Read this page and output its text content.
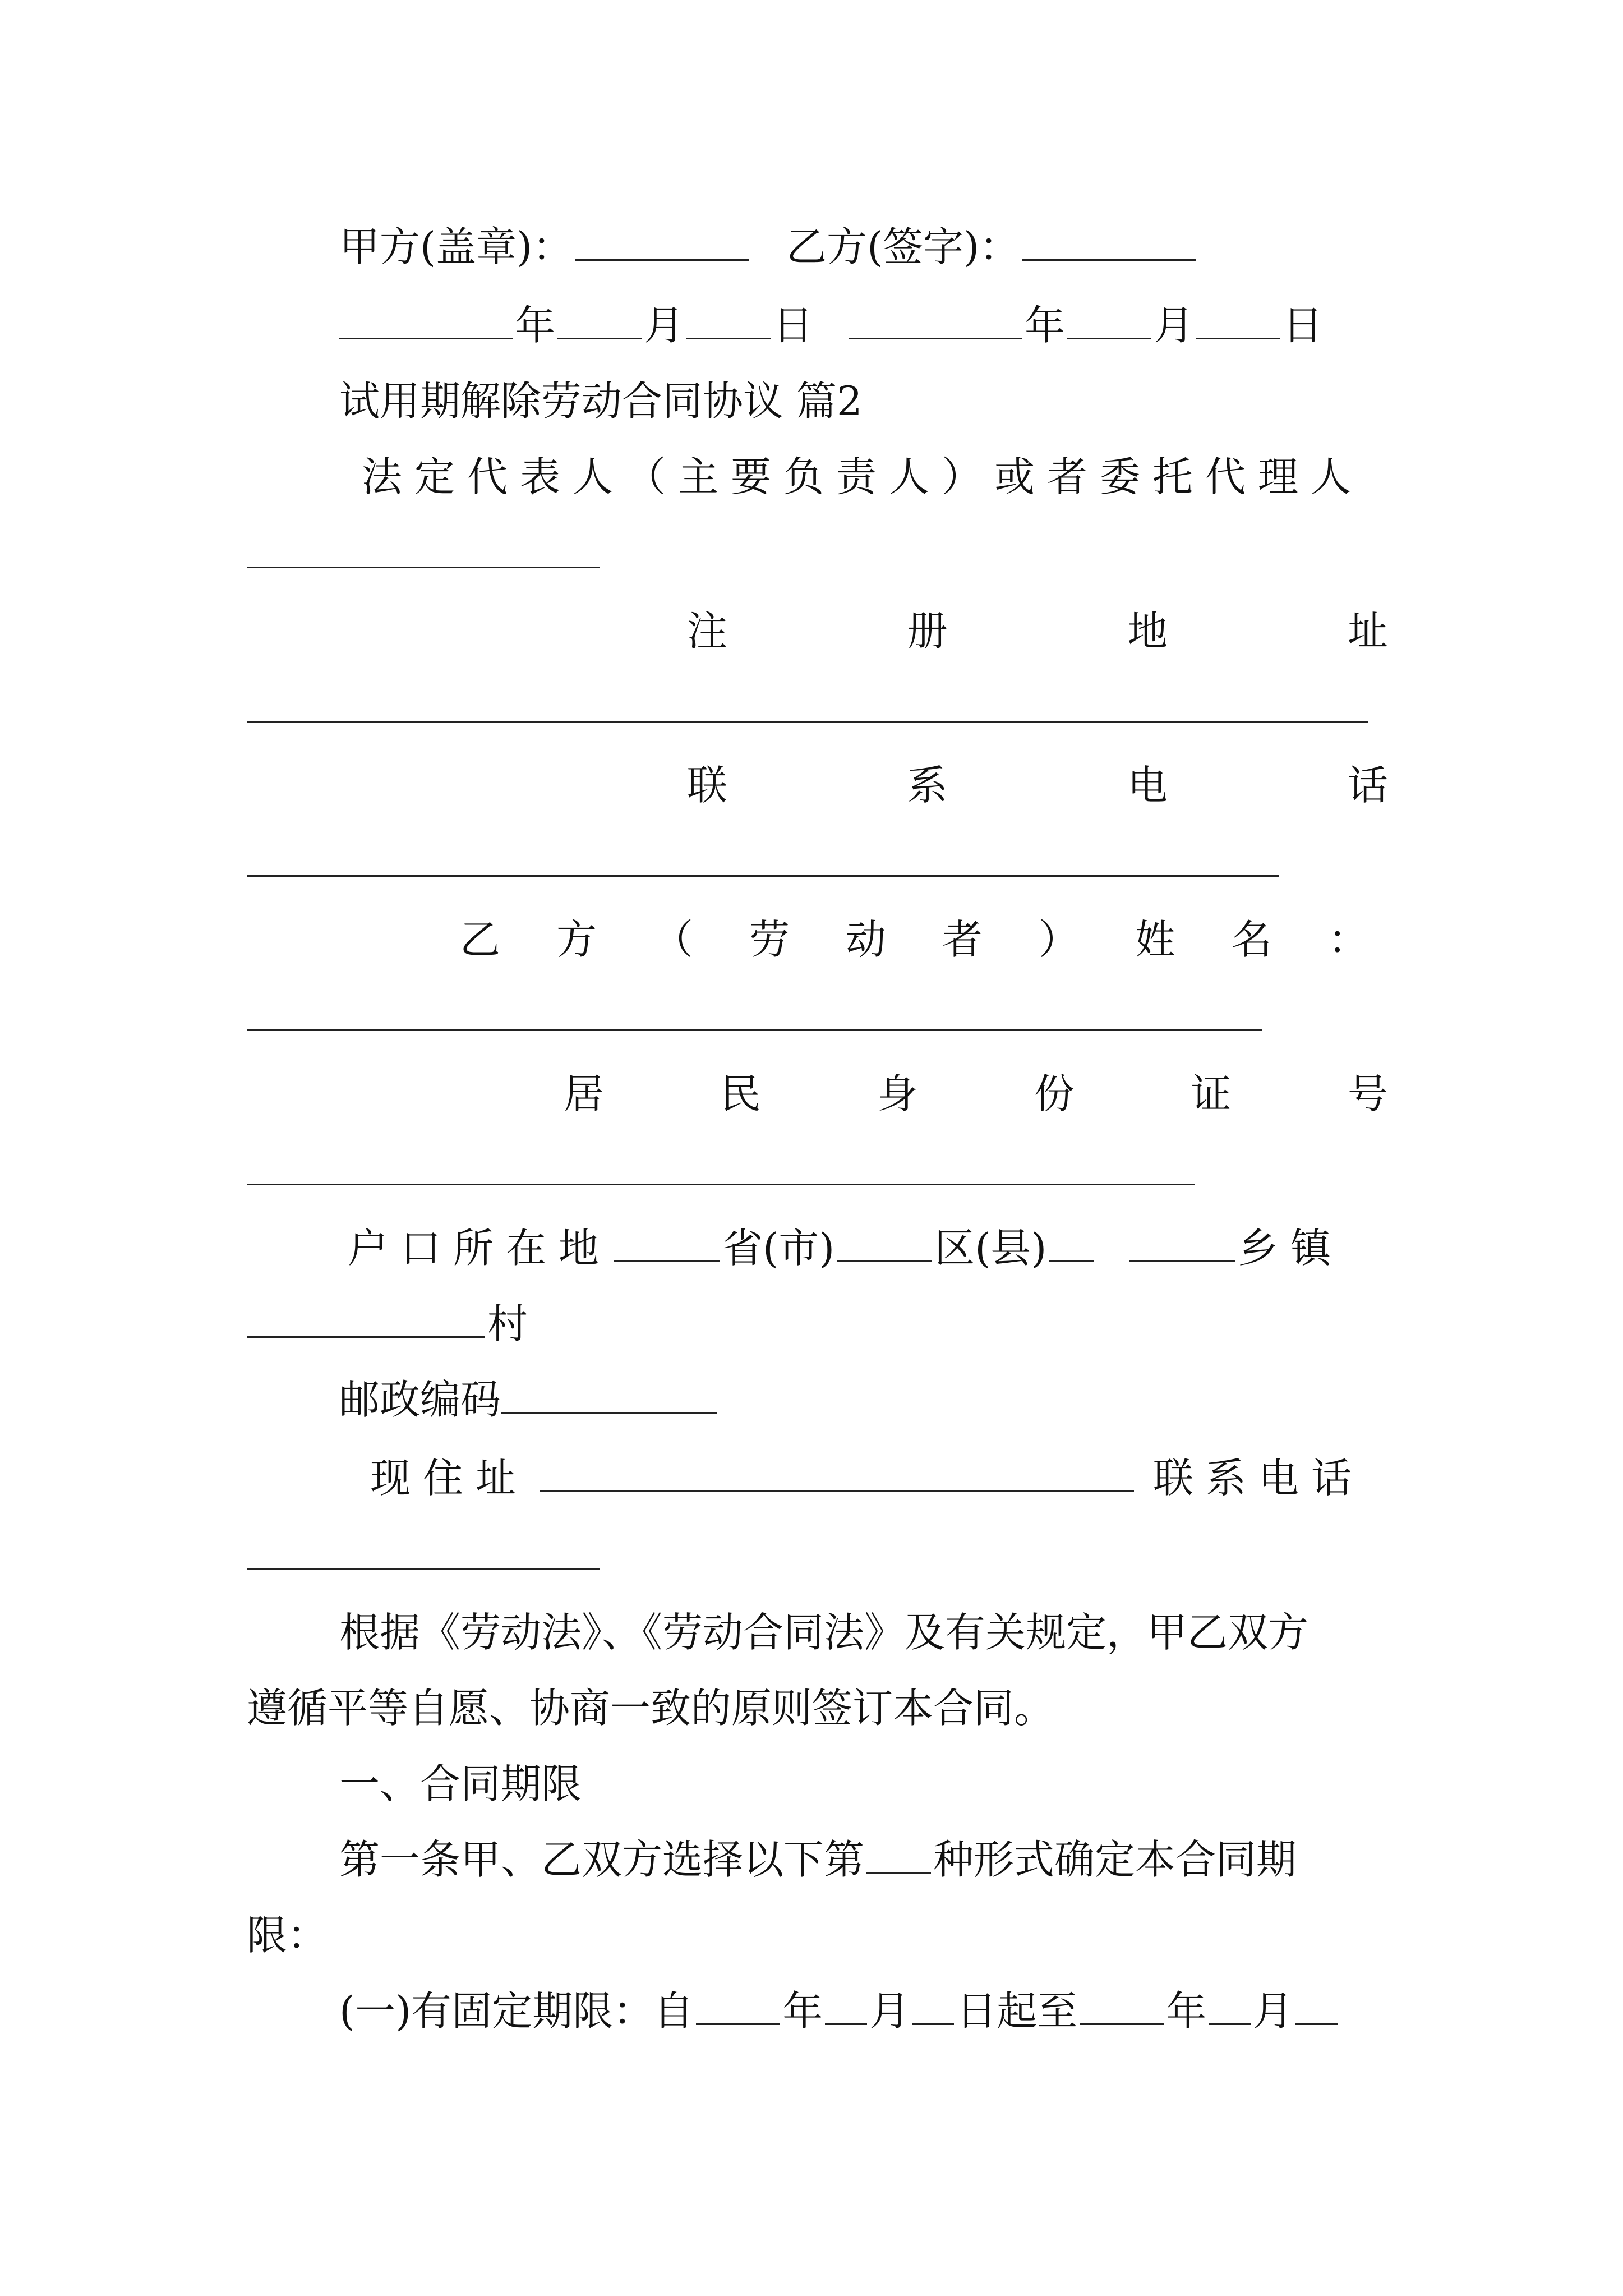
甲方(盖章)：	乙方(签字)：
年 月 日	年 月 日
试用期解除劳动合同协议 篇2
法定代表人（主要负责人）或者委托代理人
注	册	地	址
联	系	电	话
乙 方 （ 劳 动 者 ） 姓 名 ：
居	民	身	份	证	号
户口所在地	省(市) 区(县)	乡镇
村
邮政编码
现住址	联系电话
根据《劳动法》、《劳动合同法》及有关规定，甲乙双方
遵循平等自愿、协商一致的原则签订本合同。
一、合同期限
第一条甲、乙双方选择以下第 种形式确定本合同期
限：
(一)有固定期限：自 年 月 日起至 年 月
